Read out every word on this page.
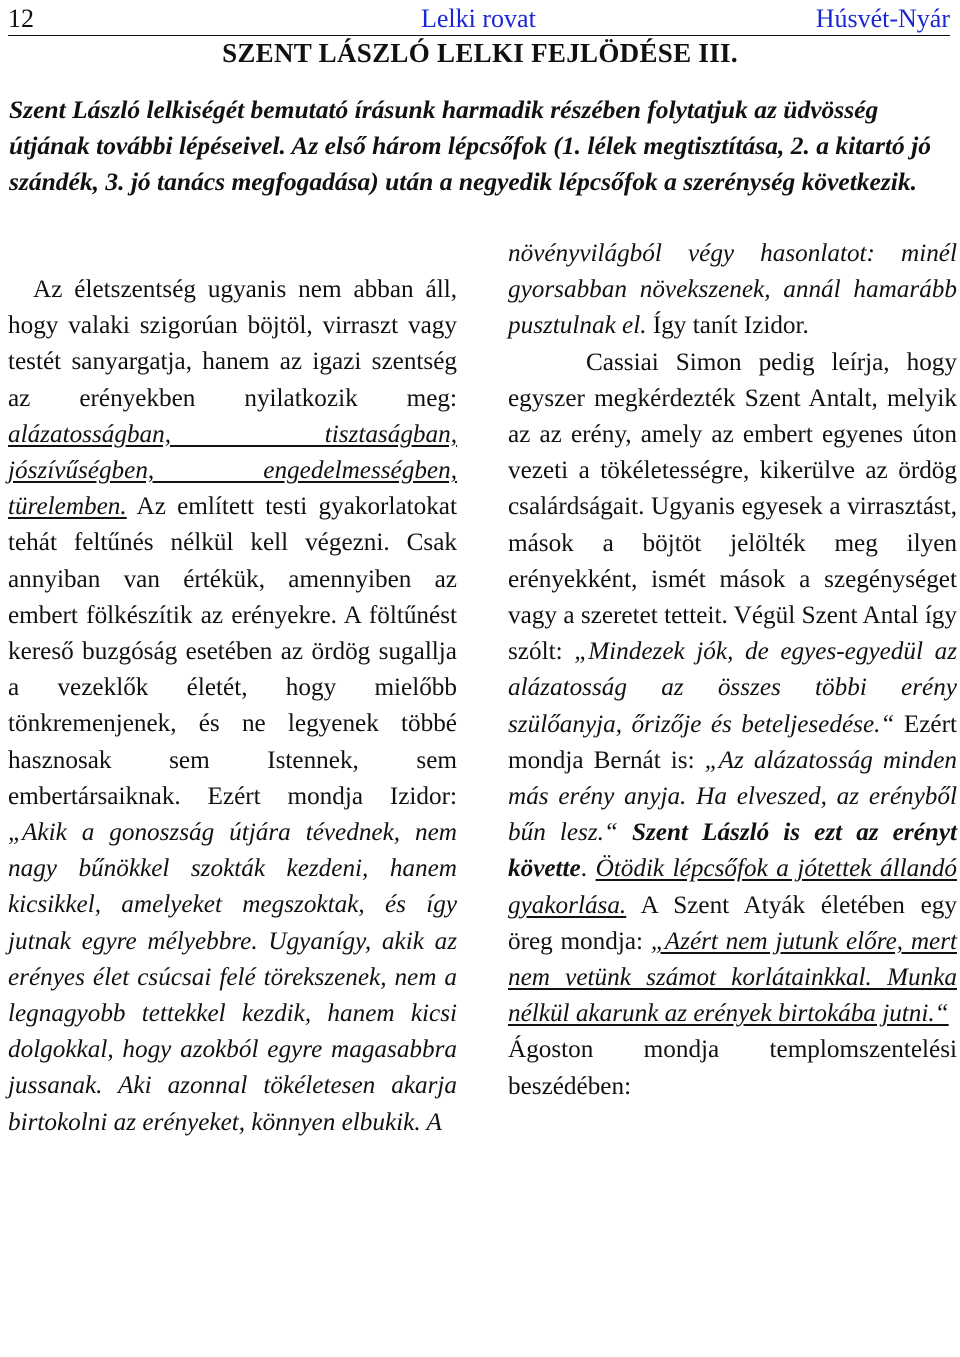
12	Lelki rovat	Húsvét-Nyár
SZENT LÁSZLÓ LELKI FEJLÖDÉSE III.

Szent László lelkiségét bemutató írásunk harmadik részében folytatjuk az üdvösség útjának további lépéseivel. Az első három lépcsőfok (1. lélek megtisztítása, 2. a kitartó jó szándék, 3. jó tanács megfogadása) után a negyedik lépcsőfok a szerénység következik.

Az életszentség ugyanis nem abban áll, hogy valaki szigorúan böjtöl, virraszt vagy testét sanyargatja, hanem az igazi szentség az erényekben nyilatkozik meg: alázatosságban, tisztaságban, jószívűségben, engedelmességben, türelemben. Az említett testi gyakorlatokat tehát feltűnés nélkül kell végezni. Csak annyiban van értékük, amennyiben az embert fölkészítik az erényekre. A föltűnést kereső buzgóság esetében az ördög sugallja a vezeklők életét, hogy mielőbb tönkremenjenek, és ne legyenek többé hasznosak sem Istennek, sem embertársaiknak. Ezért mondja Izidor: „Akik a gonoszság útjára tévednek, nem nagy bűnökkel szokták kezdeni, hanem kicsikkel, amelyeket megszoktak, és így jutnak egyre mélyebbre. Ugyanígy, akik az erényes élet csúcsai felé törekszenek, nem a legnagyobb tettekkel kezdik, hanem kicsi dolgokkal, hogy azokból egyre magasabbra jussanak. Aki azonnal tökéletesen akarja birtokolni az erényeket, könnyen elbukik. A

növényvilágból végy hasonlatot: minél gyorsabban növekszenek, annál hamarább pusztulnak el. Így tanít Izidor.

Cassiai Simon pedig leírja, hogy egyszer megkérdezték Szent Antalt, melyik az az erény, amely az embert egyenes úton vezeti a tökéletességre, kikerülve az ördög csalárdságait. Ugyanis egyesek a virrasztást, mások a böjtöt jelölték meg ilyen erényekként, ismét mások a szegénységet vagy a szeretet tetteit. Végül Szent Antal így szólt: „Mindezek jók, de egyes-egyedül az alázatosság az összes többi erény szülőanyja, őrizője és beteljesedése.“ Ezért mondja Bernát is: „Az alázatosság minden más erény anyja. Ha elveszed, az erényből bűn lesz.“ Szent László is ezt az erényt követte. Ötödik lépcsőfok a jótettek állandó gyakorlása. A Szent Atyák életében egy öreg mondja: „Azért nem jutunk előre, mert nem vetünk számot korlátainkkal. Munka nélkül akarunk az erények birtokába jutni.“

Ágoston mondja templomszentelési beszédében:
